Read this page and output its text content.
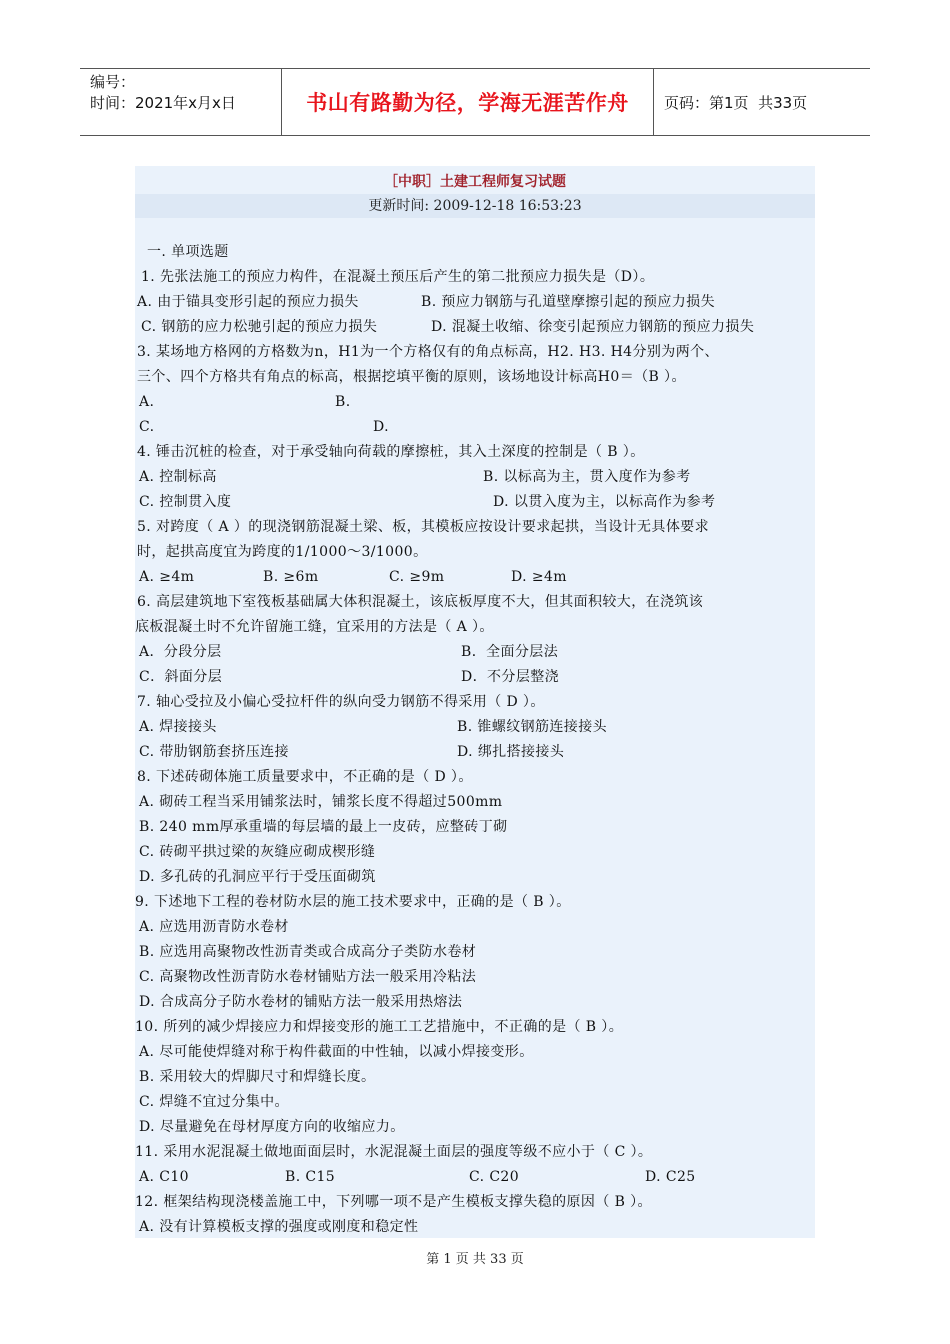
编号：
时间：2021年x月x日	书山有路勤为径，学海无涯苦作舟	页码：第1页  共33页
［中职］土建工程师复习试题
更新时间: 2009-12-18 16:53:23
一. 单项选题
1. 先张法施工的预应力构件，在混凝土预压后产生的第二批预应力损失是（D）。
A. 由于锚具变形引起的预应力损失	B. 预应力钢筋与孔道壁摩擦引起的预应力损失
C. 钢筋的应力松驰引起的预应力损失	D. 混凝土收缩、徐变引起预应力钢筋的预应力损失
3. 某场地方格网的方格数为n，H1为一个方格仅有的角点标高，H2. H3. H4分别为两个、
三个、四个方格共有角点的标高，根据挖填平衡的原则，该场地设计标高H0＝（B ）。
A.	B.
C.	D.
4. 锤击沉桩的检查，对于承受轴向荷载的摩擦桩，其入土深度的控制是（ B ）。
A. 控制标高	B. 以标高为主，贯入度作为参考
C. 控制贯入度	D. 以贯入度为主，以标高作为参考
5. 对跨度（ A ）的现浇钢筋混凝土梁、板，其模板应按设计要求起拱，当设计无具体要求
时，起拱高度宜为跨度的1/1000～3/1000。
A. ≥4m	B. ≥6m	C. ≥9m	D. ≥4m
6. 高层建筑地下室筏板基础属大体积混凝土，该底板厚度不大，但其面积较大，在浇筑该
底板混凝土时不允许留施工缝，宜采用的方法是（ A ）。
A．分段分层	B．全面分层法
C．斜面分层	D．不分层整浇
7. 轴心受拉及小偏心受拉杆件的纵向受力钢筋不得采用（ D ）。
A. 焊接接头	B. 锥螺纹钢筋连接接头
C. 带肋钢筋套挤压连接	D. 绑扎搭接接头
8. 下述砖砌体施工质量要求中，不正确的是（ D ）。
A. 砌砖工程当采用铺浆法时，铺浆长度不得超过500mm
B. 240 mm厚承重墙的每层墙的最上一皮砖，应整砖丁砌
C. 砖砌平拱过梁的灰缝应砌成楔形缝
D. 多孔砖的孔洞应平行于受压面砌筑
9. 下述地下工程的卷材防水层的施工技术要求中，正确的是（ B ）。
A. 应选用沥青防水卷材
B. 应选用高聚物改性沥青类或合成高分子类防水卷材
C. 高聚物改性沥青防水卷材铺贴方法一般采用冷粘法
D. 合成高分子防水卷材的铺贴方法一般采用热熔法
10. 所列的减少焊接应力和焊接变形的施工工艺措施中，不正确的是（ B ）。
A. 尽可能使焊缝对称于构件截面的中性轴，以减小焊接变形。
B. 采用较大的焊脚尺寸和焊缝长度。
C. 焊缝不宜过分集中。
D. 尽量避免在母材厚度方向的收缩应力。
11. 采用水泥混凝土做地面面层时，水泥混凝土面层的强度等级不应小于（ C ）。
A. C10	B. C15	C. C20	D. C25
12. 框架结构现浇楼盖施工中，下列哪一项不是产生模板支撑失稳的原因（ B ）。
A. 没有计算模板支撑的强度或刚度和稳定性
第 1 页 共 33 页
